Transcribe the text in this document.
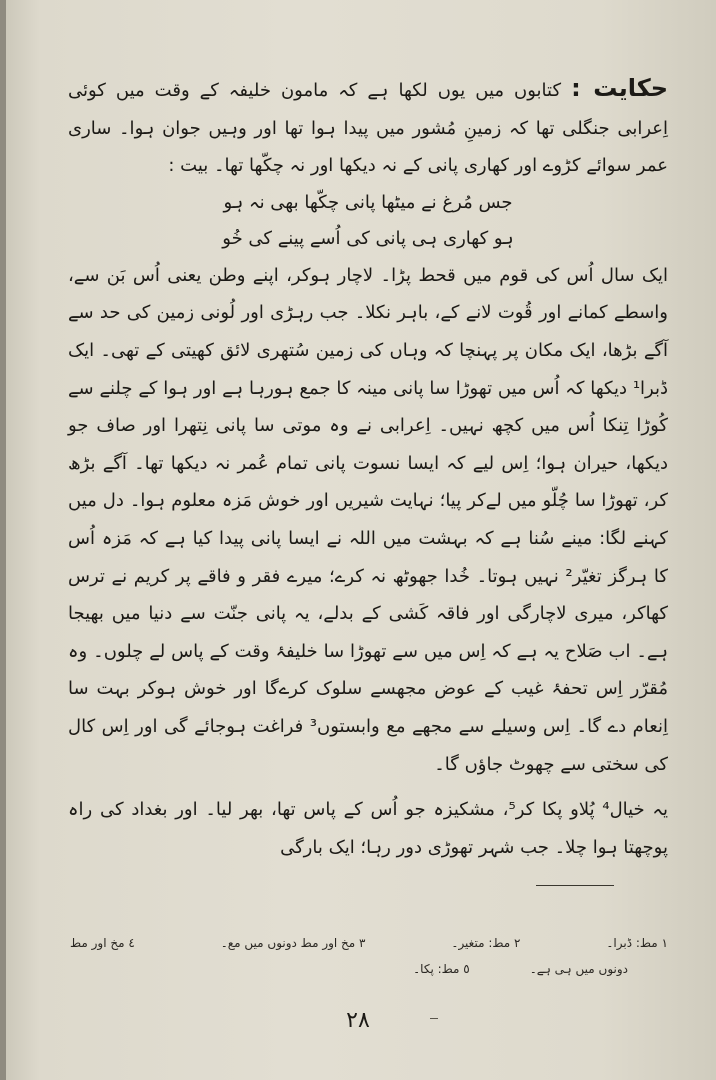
حکایت : کتابوں میں یوں لکھا ہے کہ مامون خلیفہ کے وقت میں کوئی اِعرابی جنگلی تھا کہ زمینِ مُشور میں پیدا ہوا تھا اور وہیں جوان ہوا۔ ساری عمر سوائے کڑوے اور کھاری پانی کے نہ دیکھا اور نہ چکّھا تھا۔ بیت :

جس مُرغ نے میٹھا پانی چکّھا بھی نہ ہو

ہو کھاری ہی پانی کی اُسے پینے کی خُو

ایک سال اُس کی قوم میں قحط پڑا۔ لاچار ہوکر، اپنے وطن یعنی اُس بَن سے، واسطے کمانے اور قُوت لانے کے، باہر نکلا۔ جب رہڑی اور لُونی زمین کی حد سے آگے بڑھا، ایک مکان پر پہنچا کہ وہاں کی زمین سُتھری لائق کھیتی کے تھی۔ ایک ڈبرا¹ دیکھا کہ اُس میں تھوڑا سا پانی مینہ کا جمع ہورہا ہے اور ہوا کے چلنے سے کُوڑا تِنکا اُس میں کچھ نہیں۔ اِعرابی نے وہ موتی سا پانی نِتھرا اور صاف جو دیکھا، حیران ہوا؛ اِس لیے کہ ایسا نسوت پانی تمام عُمر نہ دیکھا تھا۔ آگے بڑھ کر، تھوڑا سا چُلّو میں لےکر پیا؛ نہایت شیریں اور خوش مَزہ معلوم ہوا۔ دل میں کہنے لگا: مینے سُنا ہے کہ بہشت میں اللہ نے ایسا پانی پیدا کیا ہے کہ مَزہ اُس کا ہرگز تغیّر² نہیں ہوتا۔ خُدا جھوٹھ نہ کرے؛ میرے فقر و فاقے پر کریم نے ترس کھاکر، میری لاچارگی اور فاقہ کَشی کے بدلے، یہ پانی جنّت سے دنیا میں بھیجا ہے۔ اب صَلاح یہ ہے کہ اِس میں سے تھوڑا سا خلیفۂ وقت کے پاس لے چلوں۔ وہ مُقرّر اِس تحفۂ غیب کے عوض مجھسے سلوک کرےگا اور خوش ہوکر بہت سا اِنعام دے گا۔ اِس وسیلے سے مجھے مع وابستوں³ فراغت ہوجائے گی اور اِس کال کی سختی سے چھوٹ جاؤں گا۔

یہ خیال⁴ پُلاو پکا کر⁵، مشکیزہ جو اُس کے پاس تھا، بھر لیا۔ اور بغداد کی راہ پوچھتا ہوا چلا۔ جب شہر تھوڑی دور رہا؛ ایک بارگی

١ مط: ڈبرا۔
٢ مط: متغیر۔
٣ مخ اور مط دونوں میں مع۔
٤ مخ اور مط
دونوں میں ہی ہے۔
٥ مط: پکا۔
٢٨
